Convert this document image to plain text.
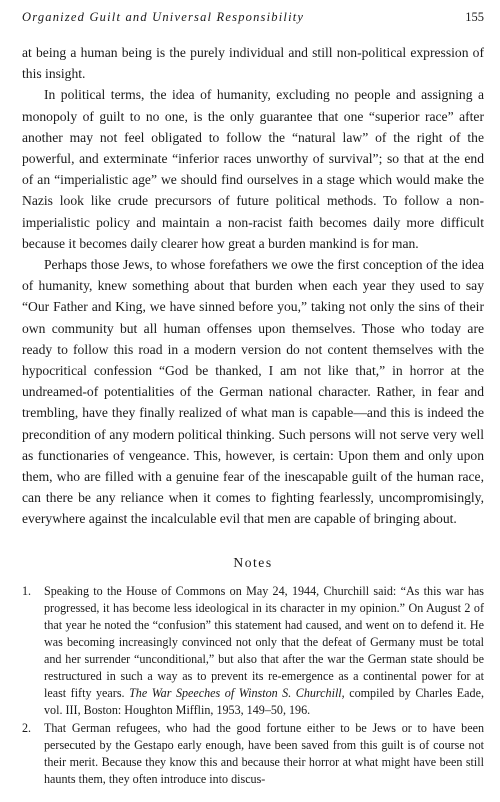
Organized Guilt and Universal Responsibility	155

at being a human being is the purely individual and still non-political expression of this insight.

In political terms, the idea of humanity, excluding no people and assigning a monopoly of guilt to no one, is the only guarantee that one “superior race” after another may not feel obligated to follow the “natural law” of the right of the powerful, and exterminate “inferior races unworthy of survival”; so that at the end of an “imperialistic age” we should find ourselves in a stage which would make the Nazis look like crude precursors of future political methods. To follow a non-imperialistic policy and maintain a non-racist faith becomes daily more difficult because it becomes daily clearer how great a burden mankind is for man.

Perhaps those Jews, to whose forefathers we owe the first conception of the idea of humanity, knew something about that burden when each year they used to say “Our Father and King, we have sinned before you,” taking not only the sins of their own community but all human offenses upon themselves. Those who today are ready to follow this road in a modern version do not content themselves with the hypocritical confession “God be thanked, I am not like that,” in horror at the undreamed-of potentialities of the German national character. Rather, in fear and trembling, have they finally realized of what man is capable—and this is indeed the precondition of any modern political thinking. Such persons will not serve very well as functionaries of vengeance. This, however, is certain: Upon them and only upon them, who are filled with a genuine fear of the inescapable guilt of the human race, can there be any reliance when it comes to fighting fearlessly, uncompromisingly, everywhere against the incalculable evil that men are capable of bringing about.

Notes
1.	Speaking to the House of Commons on May 24, 1944, Churchill said: “As this war has progressed, it has become less ideological in its character in my opinion.” On August 2 of that year he noted the “confusion” this statement had caused, and went on to defend it. He was becoming increasingly convinced not only that the defeat of Germany must be total and her surrender “unconditional,” but also that after the war the German state should be restructured in such a way as to prevent its re-emergence as a continental power for at least fifty years. The War Speeches of Winston S. Churchill, compiled by Charles Eade, vol. III, Boston: Houghton Mifflin, 1953, 149–50, 196.
2.	That German refugees, who had the good fortune either to be Jews or to have been persecuted by the Gestapo early enough, have been saved from this guilt is of course not their merit. Because they know this and because their horror at what might have been still haunts them, they often introduce into discus-
